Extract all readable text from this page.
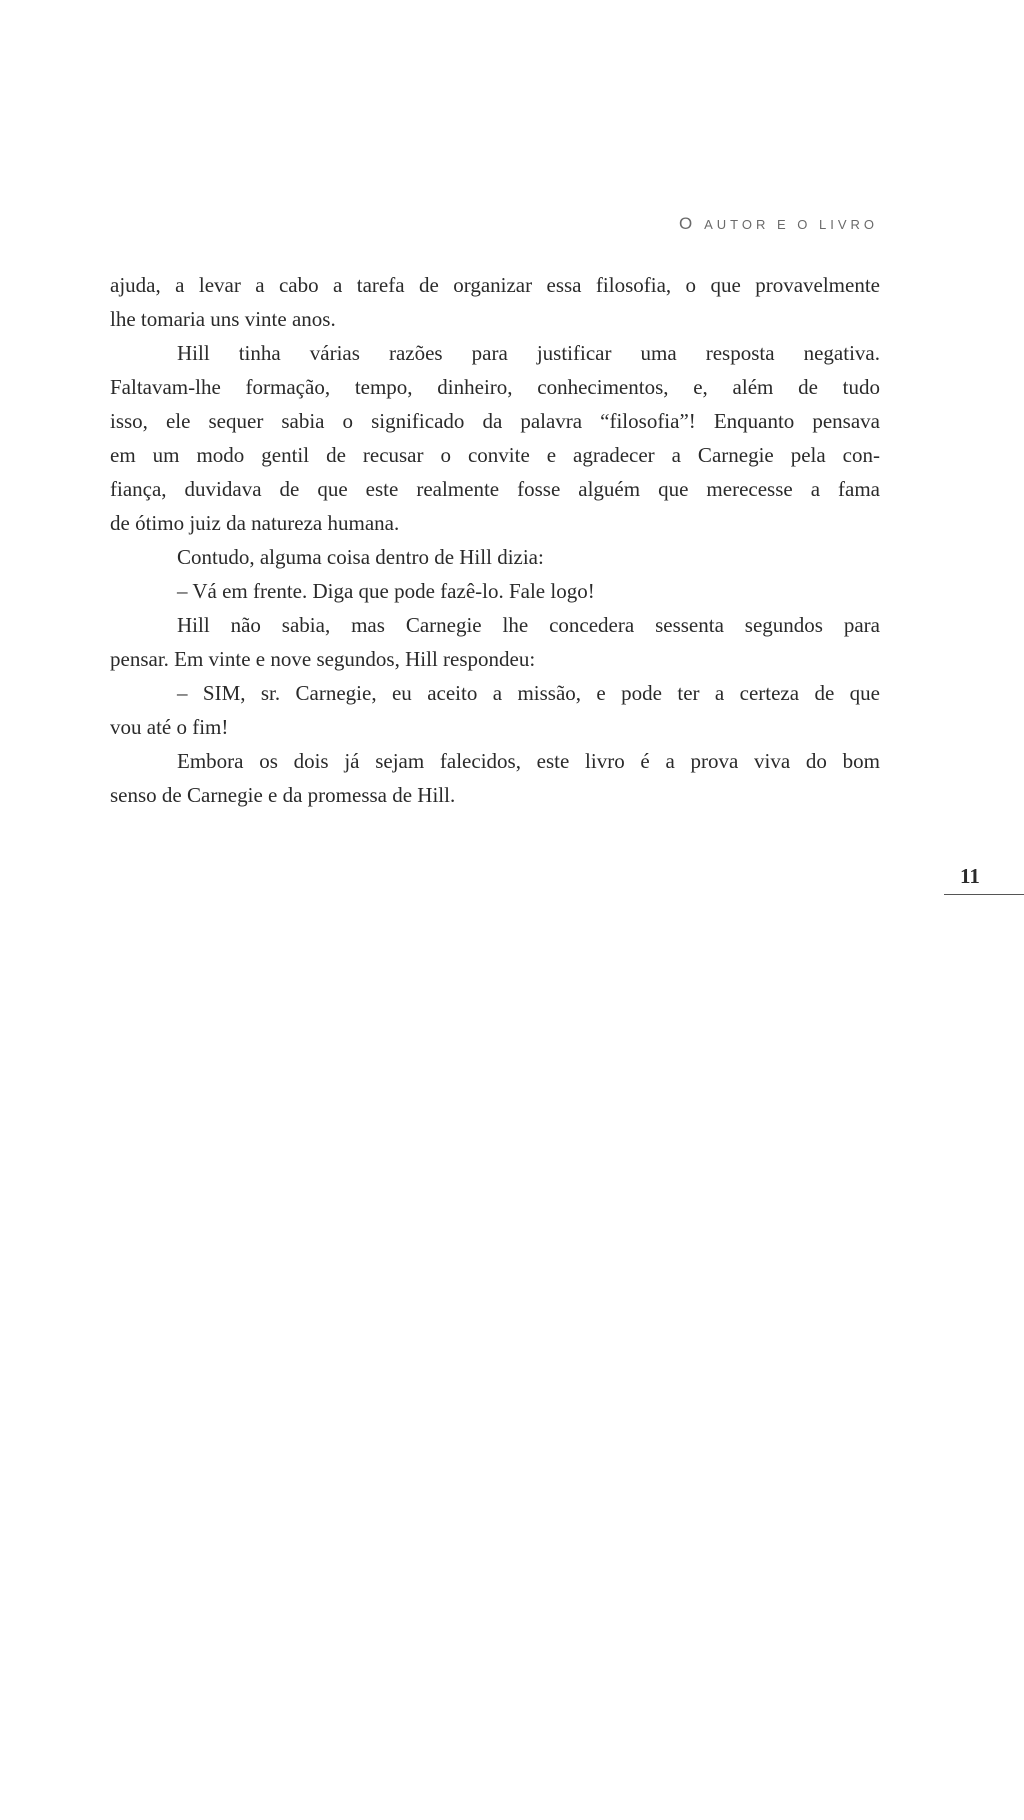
O AUTOR E O LIVRO
ajuda, a levar a cabo a tarefa de organizar essa filosofia, o que provavelmente
lhe tomaria uns vinte anos.
Hill tinha várias razões para justificar uma resposta negativa.
Faltavam-lhe formação, tempo, dinheiro, conhecimentos, e, além de tudo
isso, ele sequer sabia o significado da palavra “filosofia”! Enquanto pensava
em um modo gentil de recusar o convite e agradecer a Carnegie pela con-
fiança, duvidava de que este realmente fosse alguém que merecesse a fama
de ótimo juiz da natureza humana.
Contudo, alguma coisa dentro de Hill dizia:
– Vá em frente. Diga que pode fazê-lo. Fale logo!
Hill não sabia, mas Carnegie lhe concedera sessenta segundos para
pensar. Em vinte e nove segundos, Hill respondeu:
– SIM, sr. Carnegie, eu aceito a missão, e pode ter a certeza de que
vou até o fim!
Embora os dois já sejam falecidos, este livro é a prova viva do bom
senso de Carnegie e da promessa de Hill.
11
